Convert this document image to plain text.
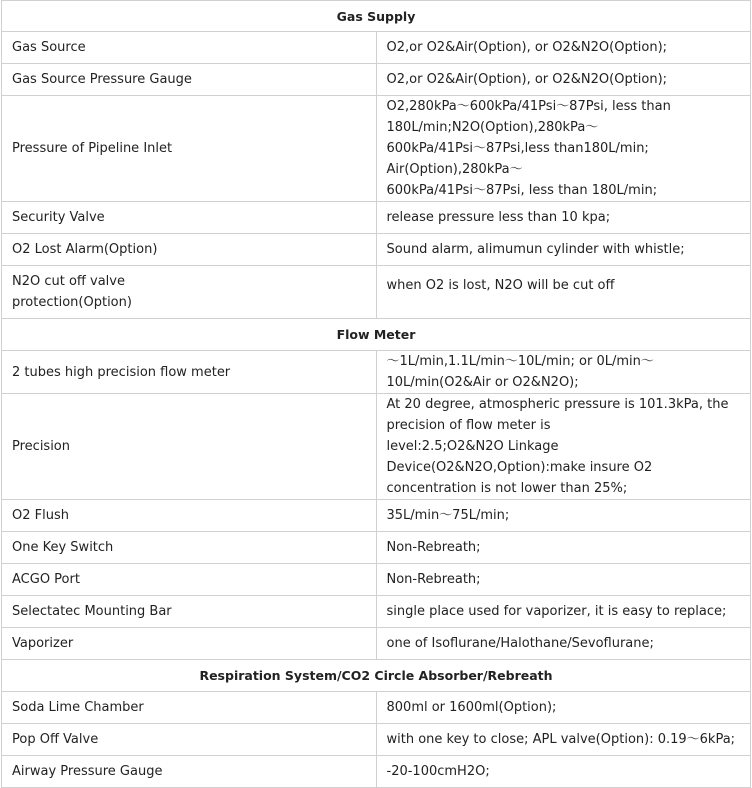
Gas Supply	
Gas Source	O2,or O2&Air(Option), or O2&N2O(Option);
Gas Source Pressure Gauge	O2,or O2&Air(Option), or O2&N2O(Option);
Pressure of Pipeline Inlet	O2,280kPa～600kPa/41Psi～87Psi, less than 180L/min;N2O(Option),280kPa～
600kPa/41Psi～87Psi,less than180L/min; Air(Option),280kPa～
600kPa/41Psi～87Psi, less than 180L/min;

Security Valve	release pressure less than 10 kpa;
O2 Lost Alarm(Option)	Sound alarm, alimumun cylinder with whistle;

N2O cut off valve
protection(Option)	when O2 is lost, N2O will be cut off
Flow Meter	
2 tubes high precision flow meter	～1L/min,1.1L/min～10L/min; or 0L/min～10L/min(O2&Air or O2&N2O);
Precision	At 20 degree, atmospheric pressure is 101.3kPa, the precision of flow meter is
level:2.5;O2&N2O Linkage
Device(O2&N2O,Option):make insure O2 concentration is not lower than 25%;

O2 Flush	35L/min～75L/min;
One Key Switch	Non-Rebreath;
ACGO Port	Non-Rebreath;
Selectatec Mounting Bar	single place used for vaporizer, it is easy to replace;
Vaporizer	one of Isoflurane/Halothane/Sevoflurane;
Respiration System/CO2 Circle Absorber/Rebreath	
Soda Lime Chamber	800ml or 1600ml(Option);
Pop Off Valve	with one key to close; APL valve(Option): 0.19～6kPa;
Airway Pressure Gauge	-20-100cmH2O;
